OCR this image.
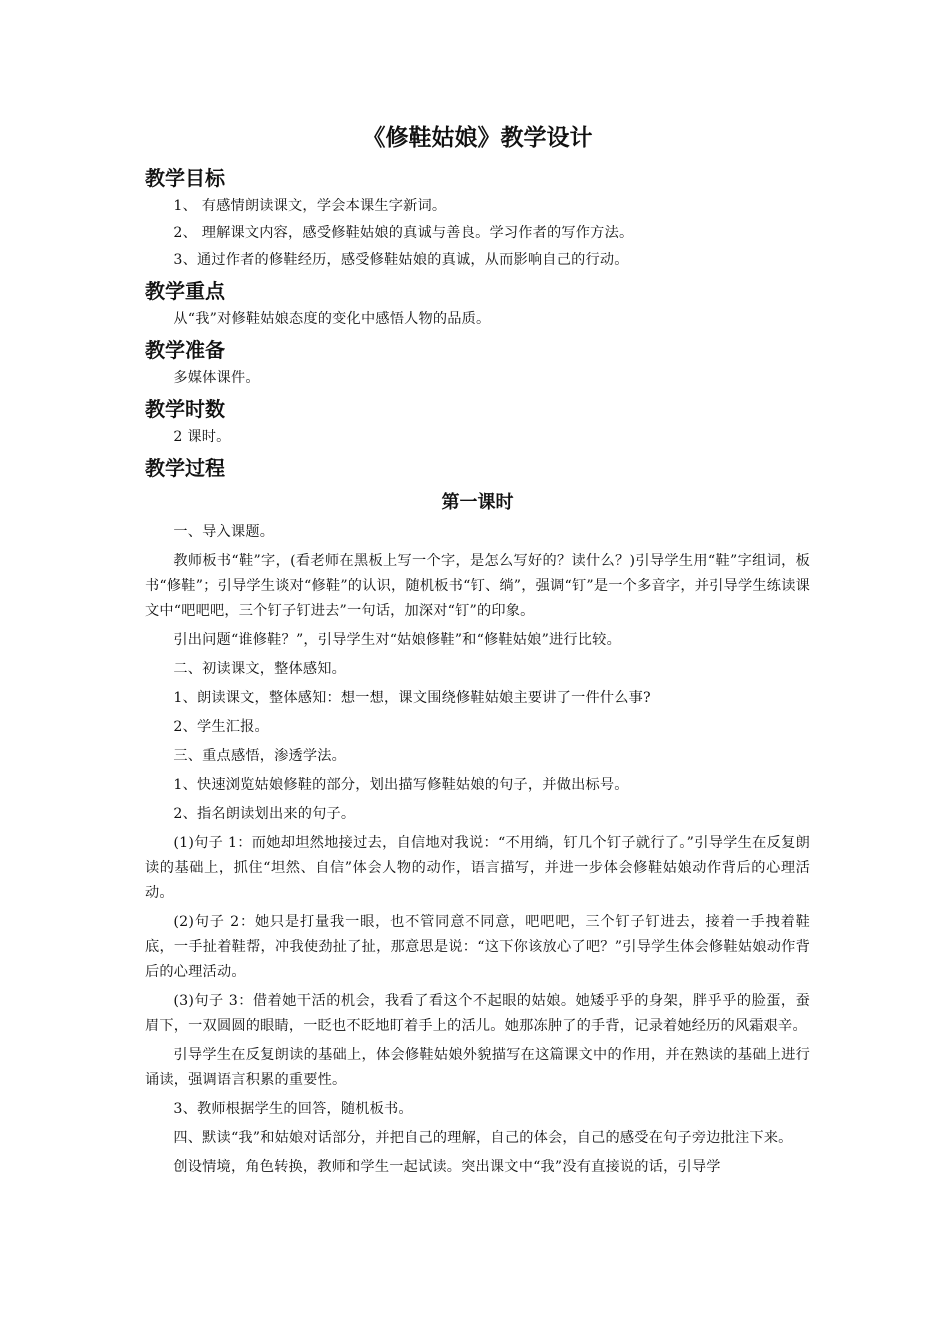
《修鞋姑娘》教学设计
教学目标
1、 有感情朗读课文，学会本课生字新词。
2、 理解课文内容，感受修鞋姑娘的真诚与善良。学习作者的写作方法。
3、通过作者的修鞋经历，感受修鞋姑娘的真诚，从而影响自己的行动。
教学重点
从“我”对修鞋姑娘态度的变化中感悟人物的品质。
教学准备
多媒体课件。
教学时数
2 课时。
教学过程
第一课时
一、导入课题。
教师板书“鞋”字，(看老师在黑板上写一个字，是怎么写好的？读什么？)引导学生用“鞋”字组词，板书“修鞋”；引导学生谈对“修鞋”的认识，随机板书“钉、绱”，强调“钉”是一个多音字，并引导学生练读课文中“吧吧吧，三个钉子钉进去”一句话，加深对“钉”的印象。
引出问题“谁修鞋？”，引导学生对“姑娘修鞋”和“修鞋姑娘”进行比较。
二、初读课文，整体感知。
1、朗读课文，整体感知：想一想，课文围绕修鞋姑娘主要讲了一件什么事?
2、学生汇报。
三、重点感悟，渗透学法。
1、快速浏览姑娘修鞋的部分，划出描写修鞋姑娘的句子，并做出标号。
2、指名朗读划出来的句子。
(1)句子 1：而她却坦然地接过去，自信地对我说：“不用绱，钉几个钉子就行了。”引导学生在反复朗读的基础上，抓住“坦然、自信”体会人物的动作，语言描写，并进一步体会修鞋姑娘动作背后的心理活动。
(2)句子 2：她只是打量我一眼，也不管同意不同意，吧吧吧，三个钉子钉进去，接着一手拽着鞋底，一手扯着鞋帮，冲我使劲扯了扯，那意思是说：“这下你该放心了吧？”引导学生体会修鞋姑娘动作背后的心理活动。
(3)句子 3：借着她干活的机会，我看了看这个不起眼的姑娘。她矮乎乎的身架，胖乎乎的脸蛋，蚕眉下，一双圆圆的眼睛，一眨也不眨地盯着手上的活儿。她那冻肿了的手背，记录着她经历的风霜艰辛。
引导学生在反复朗读的基础上，体会修鞋姑娘外貌描写在这篇课文中的作用，并在熟读的基础上进行诵读，强调语言积累的重要性。
3、教师根据学生的回答，随机板书。
四、默读“我”和姑娘对话部分，并把自己的理解，自己的体会，自己的感受在句子旁边批注下来。
创设情境，角色转换，教师和学生一起试读。突出课文中“我”没有直接说的话，引导学
